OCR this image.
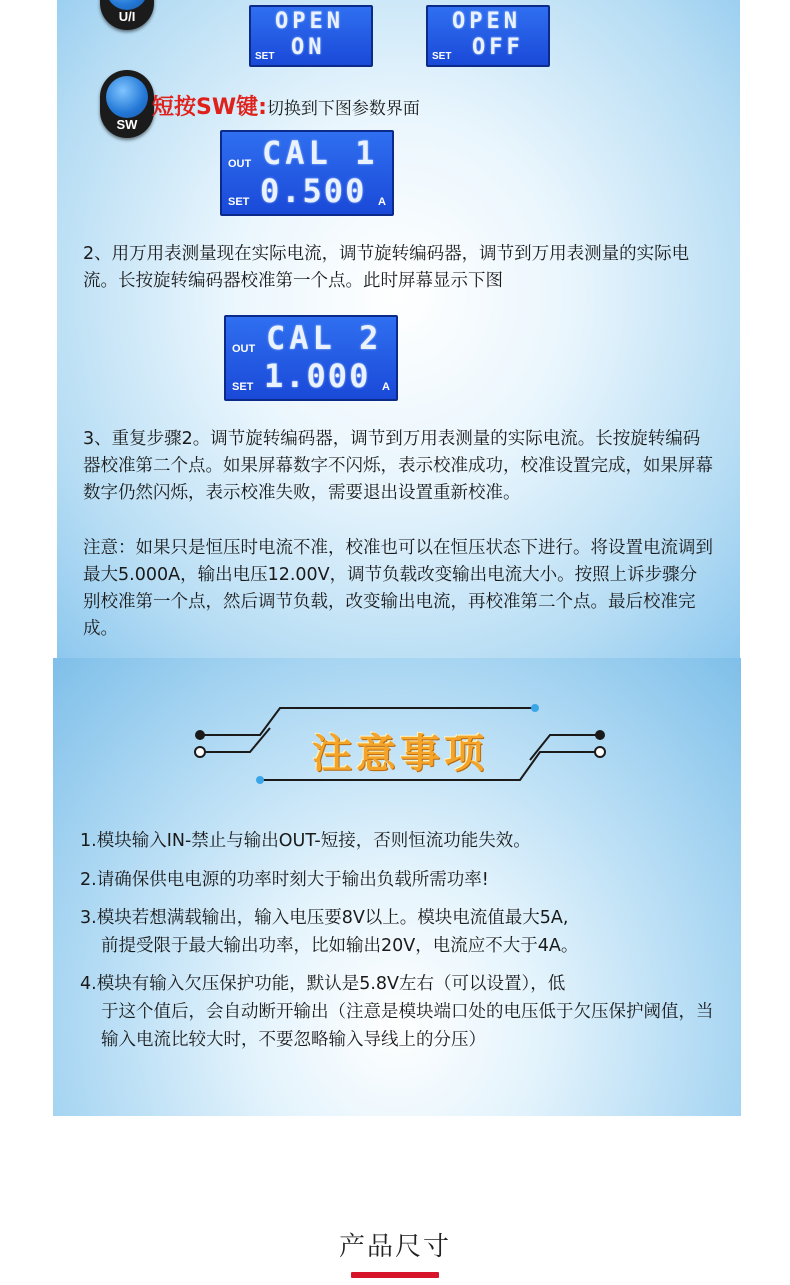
U/I	OPEN
SET ON
OPEN
SET OFF
SW
短按SW键:切换到下图参数界面
OUT CAL 1
SET 0.500 A

2、用万用表测量现在实际电流，调节旋转编码器，调节到万用表测量的实际电流。长按旋转编码器校准第一个点。此时屏幕显示下图

OUT CAL 2
SET 1.000 A

3、重复步骤2。调节旋转编码器，调节到万用表测量的实际电流。长按旋转编码器校准第二个点。如果屏幕数字不闪烁，表示校准成功，校准设置完成，如果屏幕数字仍然闪烁，表示校准失败，需要退出设置重新校准。

注意：如果只是恒压时电流不准，校准也可以在恒压状态下进行。将设置电流调到最大5.000A，输出电压12.00V，调节负载改变输出电流大小。按照上诉步骤分别校准第一个点，然后调节负载，改变输出电流，再校准第二个点。最后校准完成。

注意事项
1.模块输入IN-禁止与输出OUT-短接，否则恒流功能失效。
2.请确保供电电源的功率时刻大于输出负载所需功率!
3.模块若想满载输出，输入电压要8V以上。模块电流值最大5A,
前提受限于最大输出功率，比如输出20V，电流应不大于4A。
4.模块有输入欠压保护功能，默认是5.8V左右（可以设置），低
于这个值后，会自动断开输出（注意是模块端口处的电压低于欠压保护阈值，当输入电流比较大时，不要忽略输入导线上的分压）
产品尺寸
